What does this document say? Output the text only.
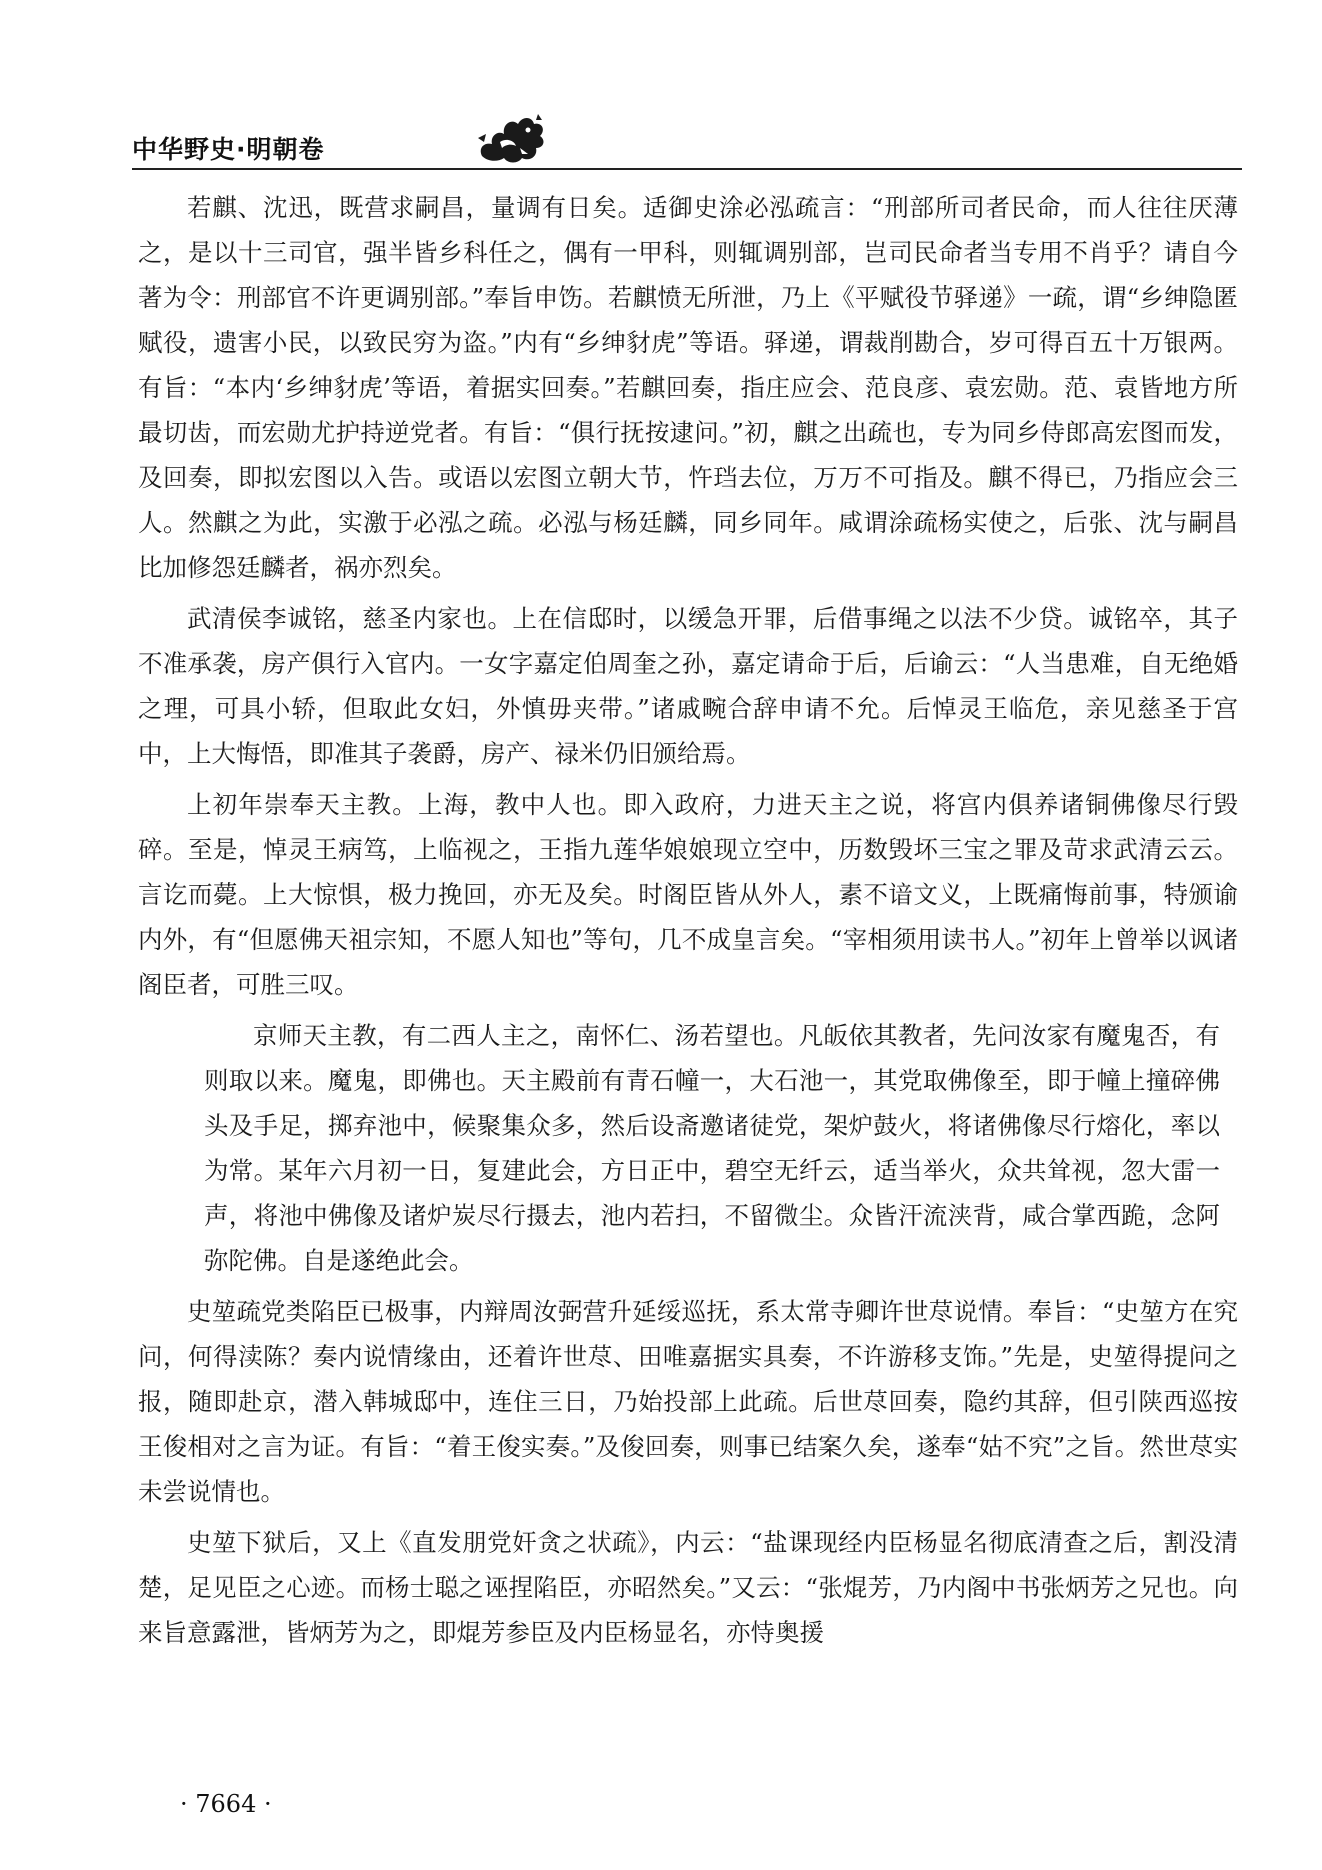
中华野史·明朝卷

若麒、沈迅，既营求嗣昌，量调有日矣。适御史涂必泓疏言：“刑部所司者民命，而人往往厌薄之，是以十三司官，强半皆乡科任之，偶有一甲科，则辄调别部，岂司民命者当专用不肖乎？请自今著为令：刑部官不许更调别部。”奉旨申饬。若麒愤无所泄，乃上《平赋役节驿递》一疏，谓“乡绅隐匿赋役，遗害小民，以致民穷为盗。”内有“乡绅豺虎”等语。驿递，谓裁削勘合，岁可得百五十万银两。有旨：“本内‘乡绅豺虎’等语，着据实回奏。”若麒回奏，指庄应会、范良彦、袁宏勋。范、袁皆地方所最切齿，而宏勋尤护持逆党者。有旨：“俱行抚按逮问。”初，麒之出疏也，专为同乡侍郎高宏图而发，及回奏，即拟宏图以入告。或语以宏图立朝大节，忤珰去位，万万不可指及。麒不得已，乃指应会三人。然麒之为此，实激于必泓之疏。必泓与杨廷麟，同乡同年。咸谓涂疏杨实使之，后张、沈与嗣昌比加修怨廷麟者，祸亦烈矣。

武清侯李诚铭，慈圣内家也。上在信邸时，以缓急开罪，后借事绳之以法不少贷。诚铭卒，其子不准承袭，房产俱行入官内。一女字嘉定伯周奎之孙，嘉定请命于后，后谕云：“人当患难，自无绝婚之理，可具小轿，但取此女妇，外慎毋夹带。”诸戚畹合辞申请不允。后悼灵王临危，亲见慈圣于宫中，上大悔悟，即准其子袭爵，房产、禄米仍旧颁给焉。

上初年崇奉天主教。上海，教中人也。即入政府，力进天主之说，将宫内俱养诸铜佛像尽行毁碎。至是，悼灵王病笃，上临视之，王指九莲华娘娘现立空中，历数毁坏三宝之罪及苛求武清云云。言讫而薨。上大惊惧，极力挽回，亦无及矣。时阁臣皆从外人，素不谙文义，上既痛悔前事，特颁谕内外，有“但愿佛天祖宗知，不愿人知也”等句，几不成皇言矣。“宰相须用读书人。”初年上曾举以讽诸阁臣者，可胜三叹。

京师天主教，有二西人主之，南怀仁、汤若望也。凡皈依其教者，先问汝家有魔鬼否，有则取以来。魔鬼，即佛也。天主殿前有青石幢一，大石池一，其党取佛像至，即于幢上撞碎佛头及手足，掷弃池中，候聚集众多，然后设斋邀诸徒党，架炉鼓火，将诸佛像尽行熔化，率以为常。某年六月初一日，复建此会，方日正中，碧空无纤云，适当举火，众共耸视，忽大雷一声，将池中佛像及诸炉炭尽行摄去，池内若扫，不留微尘。众皆汗流浃背，咸合掌西跪，念阿弥陀佛。自是遂绝此会。

史堃疏党类陷臣已极事，内辩周汝弼营升延绥巡抚，系太常寺卿许世荩说情。奉旨：“史堃方在究问，何得渎陈？奏内说情缘由，还着许世荩、田唯嘉据实具奏，不许游移支饰。”先是，史堃得提问之报，随即赴京，潜入韩城邸中，连住三日，乃始投部上此疏。后世荩回奏，隐约其辞，但引陕西巡按王俊相对之言为证。有旨：“着王俊实奏。”及俊回奏，则事已结案久矣，遂奉“姑不究”之旨。然世荩实未尝说情也。

史堃下狱后，又上《直发朋党奸贪之状疏》，内云：“盐课现经内臣杨显名彻底清查之后，割没清楚，足见臣之心迹。而杨士聪之诬捏陷臣，亦昭然矣。”又云：“张焜芳，乃内阁中书张炳芳之兄也。向来旨意露泄，皆炳芳为之，即焜芳参臣及内臣杨显名，亦恃奥援

· 7664 ·
